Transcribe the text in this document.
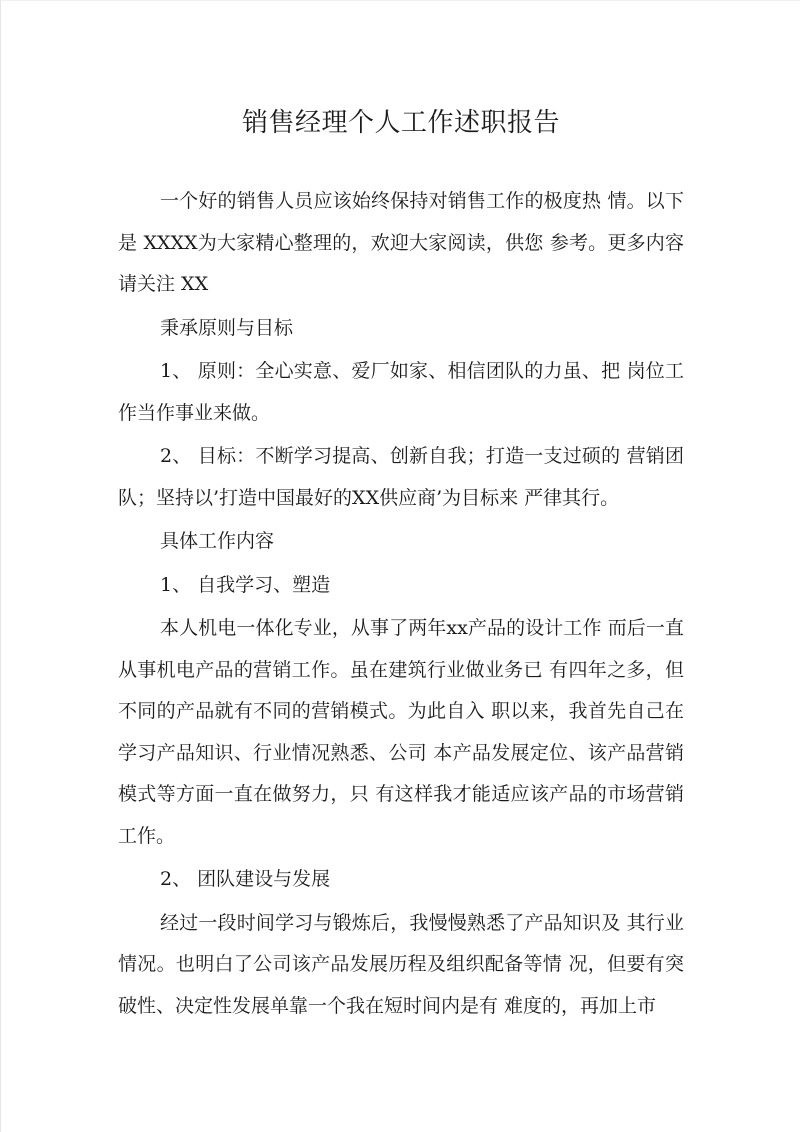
销售经理个人工作述职报告

一个好的销售人员应该始终保持对销售工作的极度热 情。以下是 XXXX为大家精心整理的，欢迎大家阅读，供您 参考。更多内容请关注 XX

秉承原则与目标

1、 原则：全心实意、爱厂如家、相信团队的力虽、把 岗位工作当作事业来做。

2、 目标：不断学习提高、创新自我；打造一支过硕的 营销团队；坚持以’打造中国最好的XX供应商’为目标来 严律其行。

具体工作内容

1、 自我学习、塑造

本人机电一体化专业，从事了两年xx产品的设计工作 而后一直从事机电产品的营销工作。虽在建筑行业做业务已 有四年之多，但不同的产品就有不同的营销模式。为此自入 职以来，我首先自己在学习产品知识、行业情况熟悉、公司 本产品发展定位、该产品营销模式等方面一直在做努力，只 有这样我才能适应该产品的市场营销工作。

2、 团队建设与发展

经过一段时间学习与锻炼后，我慢慢熟悉了产品知识及 其行业情况。也明白了公司该产品发展历程及组织配备等情 况，但要有突破性、决定性发展单靠一个我在短时间内是有 难度的，再加上市
